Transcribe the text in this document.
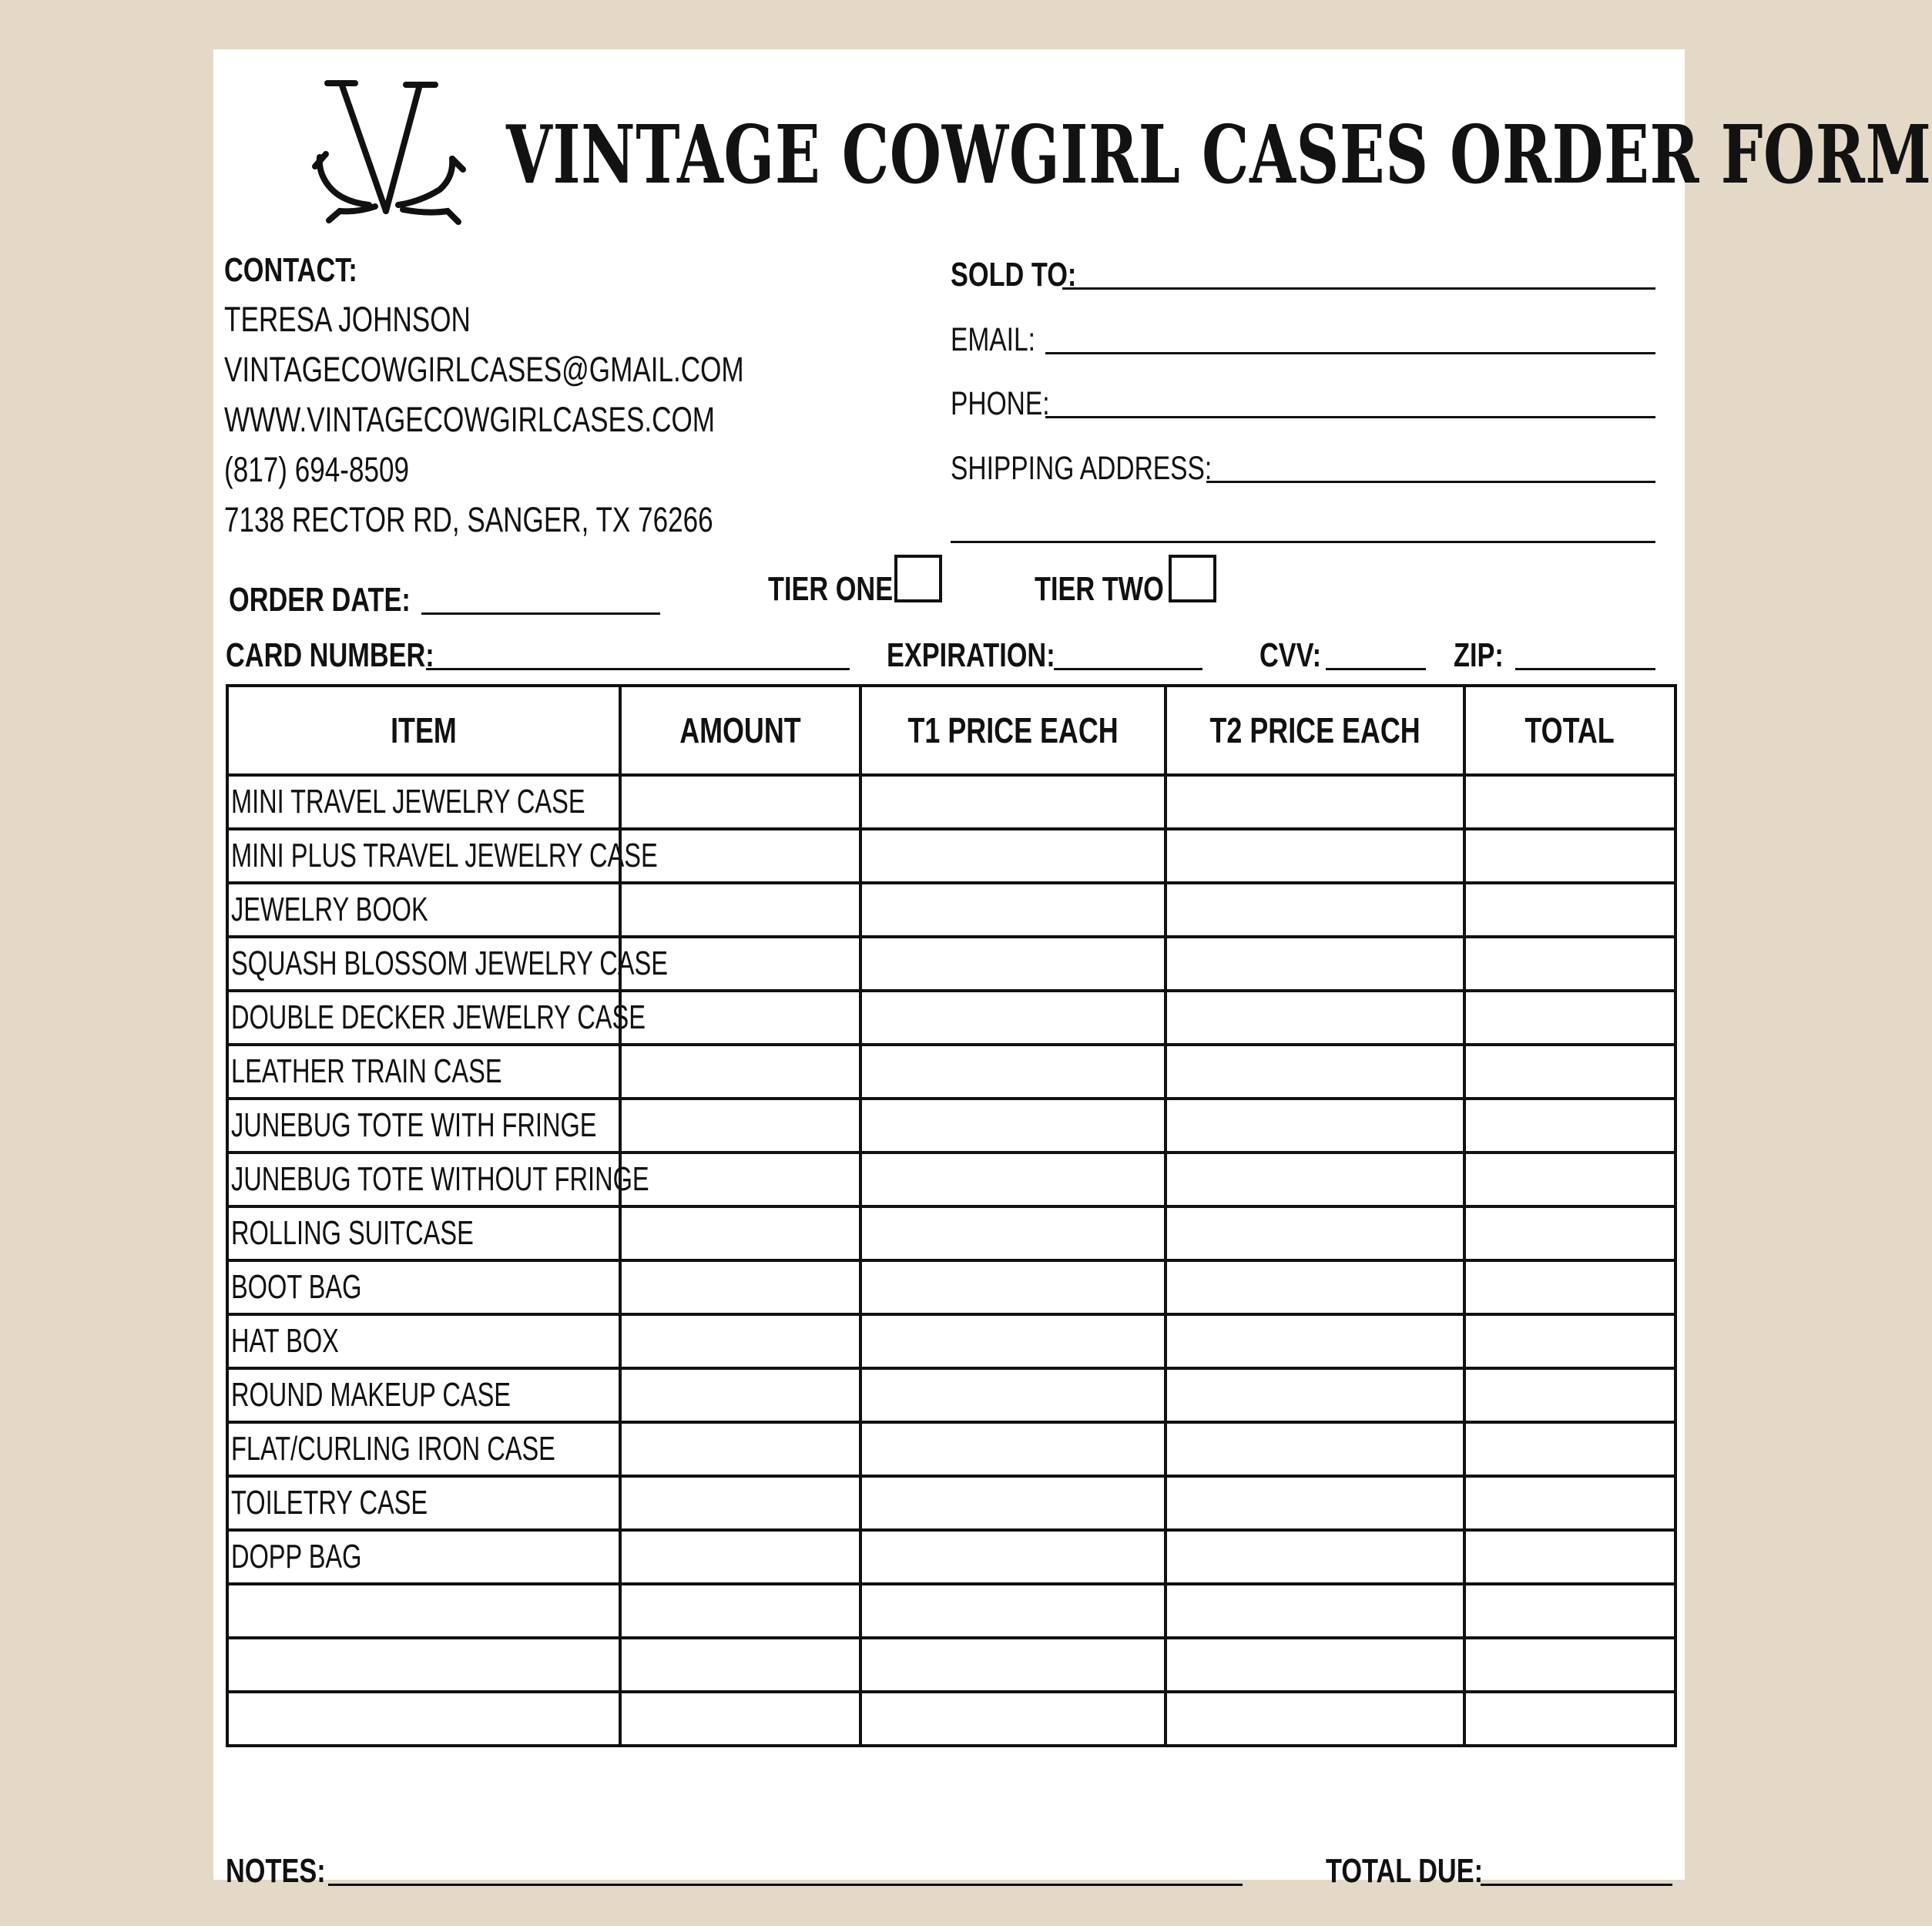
VINTAGE COWGIRL CASES ORDER FORM
CONTACT:
TERESA JOHNSON
VINTAGECOWGIRLCASES@GMAIL.COM
WWW.VINTAGECOWGIRLCASES.COM
(817) 694-8509
7138 RECTOR RD, SANGER, TX 76266
SOLD TO:
EMAIL:
PHONE:
SHIPPING ADDRESS:
ORDER DATE:	TIER ONE	TIER TWO
CARD NUMBER:	EXPIRATION:	CVV:	ZIP:
ITEM	AMOUNT	T1 PRICE EACH	T2 PRICE EACH	TOTAL
MINI TRAVEL JEWELRY CASE				
MINI PLUS TRAVEL JEWELRY CASE				
JEWELRY BOOK				
SQUASH BLOSSOM JEWELRY CASE				
DOUBLE DECKER JEWELRY CASE				
LEATHER TRAIN CASE				
JUNEBUG TOTE WITH FRINGE				
JUNEBUG TOTE WITHOUT FRINGE				
ROLLING SUITCASE				
BOOT BAG				
HAT BOX				
ROUND MAKEUP CASE				
FLAT/CURLING IRON CASE				
TOILETRY CASE				
DOPP BAG				

NOTES:	TOTAL DUE:
